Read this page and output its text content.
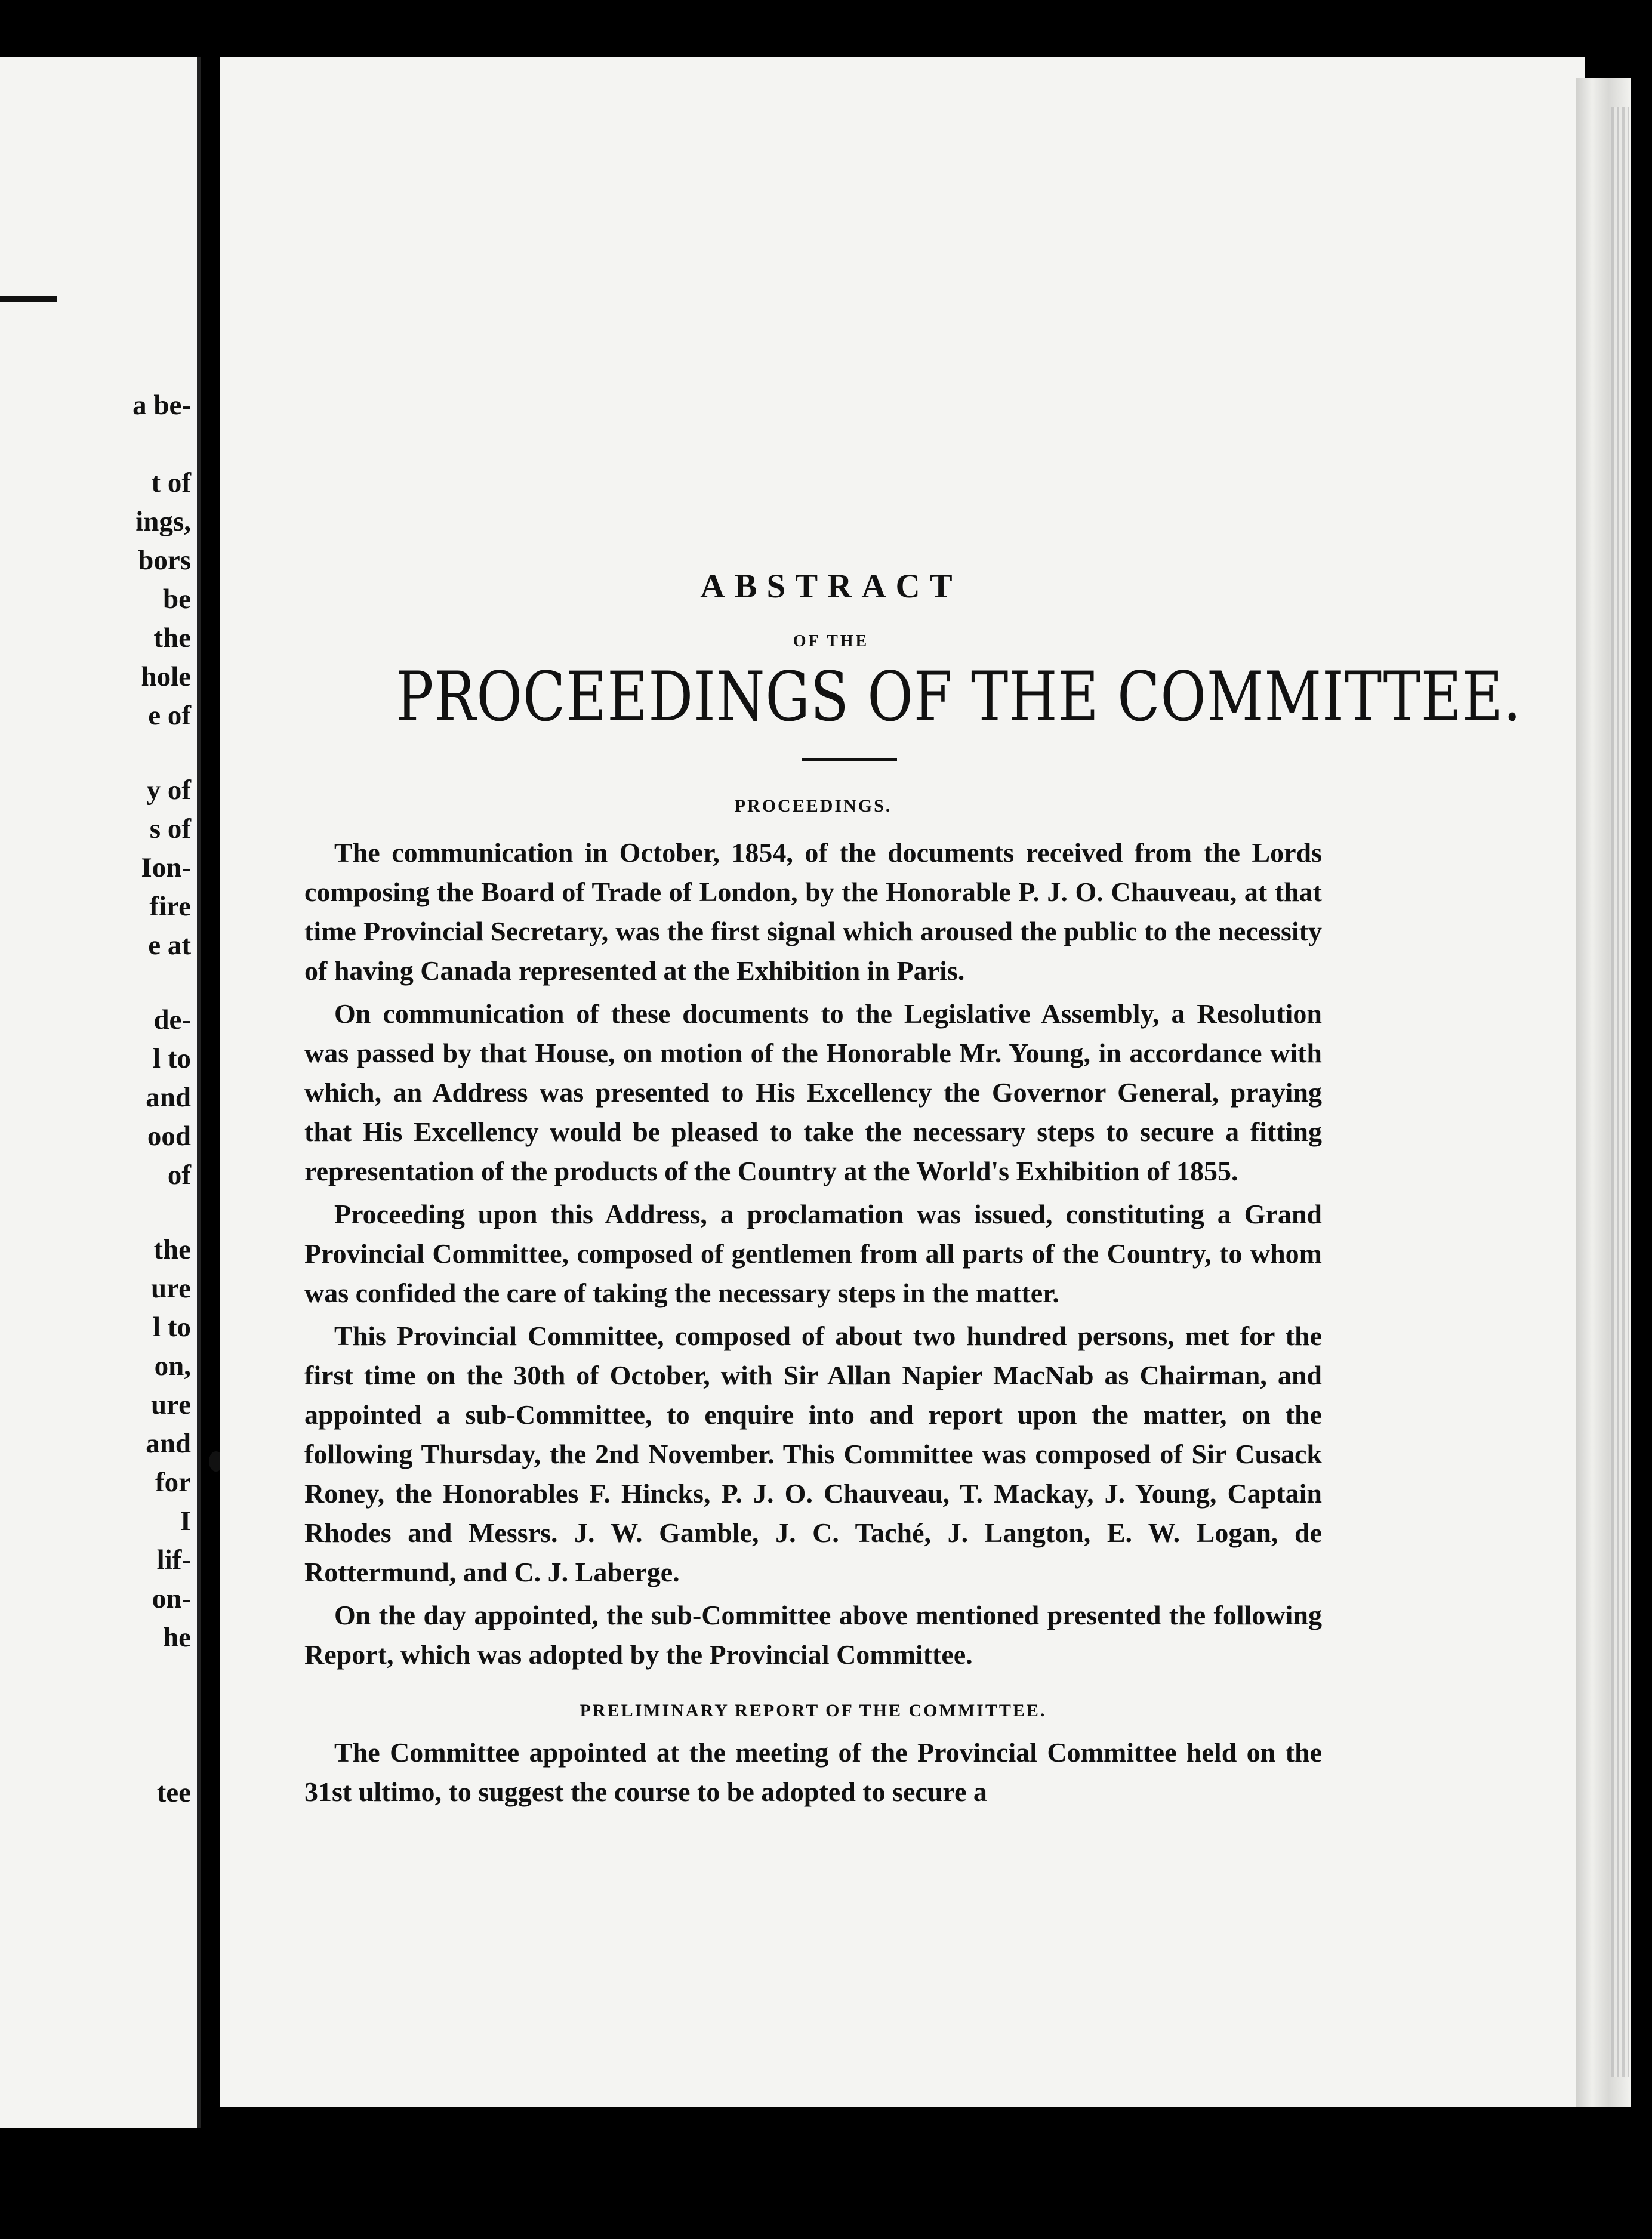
a be-
t of
ings,
bors
be
the
hole
e of
y of
s of
Ion-
fire
e at
de-
l to
and
ood
of
the
ure
l to
on,
ure
and
for
I
lif-
on-
he
tee
ABSTRACT
OF THE
PROCEEDINGS OF THE COMMITTEE.
PROCEEDINGS.

The communication in October, 1854, of the documents received from the Lords composing the Board of Trade of London, by the Honorable P. J. O. Chauveau, at that time Provincial Secretary, was the first signal which aroused the public to the necessity of having Canada represented at the Exhibition in Paris.

On communication of these documents to the Legislative Assembly, a Resolution was passed by that House, on motion of the Honorable Mr. Young, in accordance with which, an Address was presented to His Excellency the Governor General, praying that His Excellency would be pleased to take the necessary steps to secure a fitting representation of the products of the Country at the World's Exhibition of 1855.

Proceeding upon this Address, a proclamation was issued, constituting a Grand Provincial Committee, composed of gentlemen from all parts of the Country, to whom was confided the care of taking the necessary steps in the matter.

This Provincial Committee, composed of about two hundred persons, met for the first time on the 30th of October, with Sir Allan Napier MacNab as Chairman, and appointed a sub-Committee, to enquire into and report upon the matter, on the following Thursday, the 2nd November. This Committee was composed of Sir Cusack Roney, the Honorables F. Hincks, P. J. O. Chauveau, T. Mackay, J. Young, Captain Rhodes and Messrs. J. W. Gamble, J. C. Taché, J. Langton, E. W. Logan, de Rottermund, and C. J. Laberge.

On the day appointed, the sub-Committee above mentioned presented the following Report, which was adopted by the Provincial Committee.

PRELIMINARY REPORT OF THE COMMITTEE.

The Committee appointed at the meeting of the Provincial Committee held on the 31st ultimo, to suggest the course to be adopted to secure a
